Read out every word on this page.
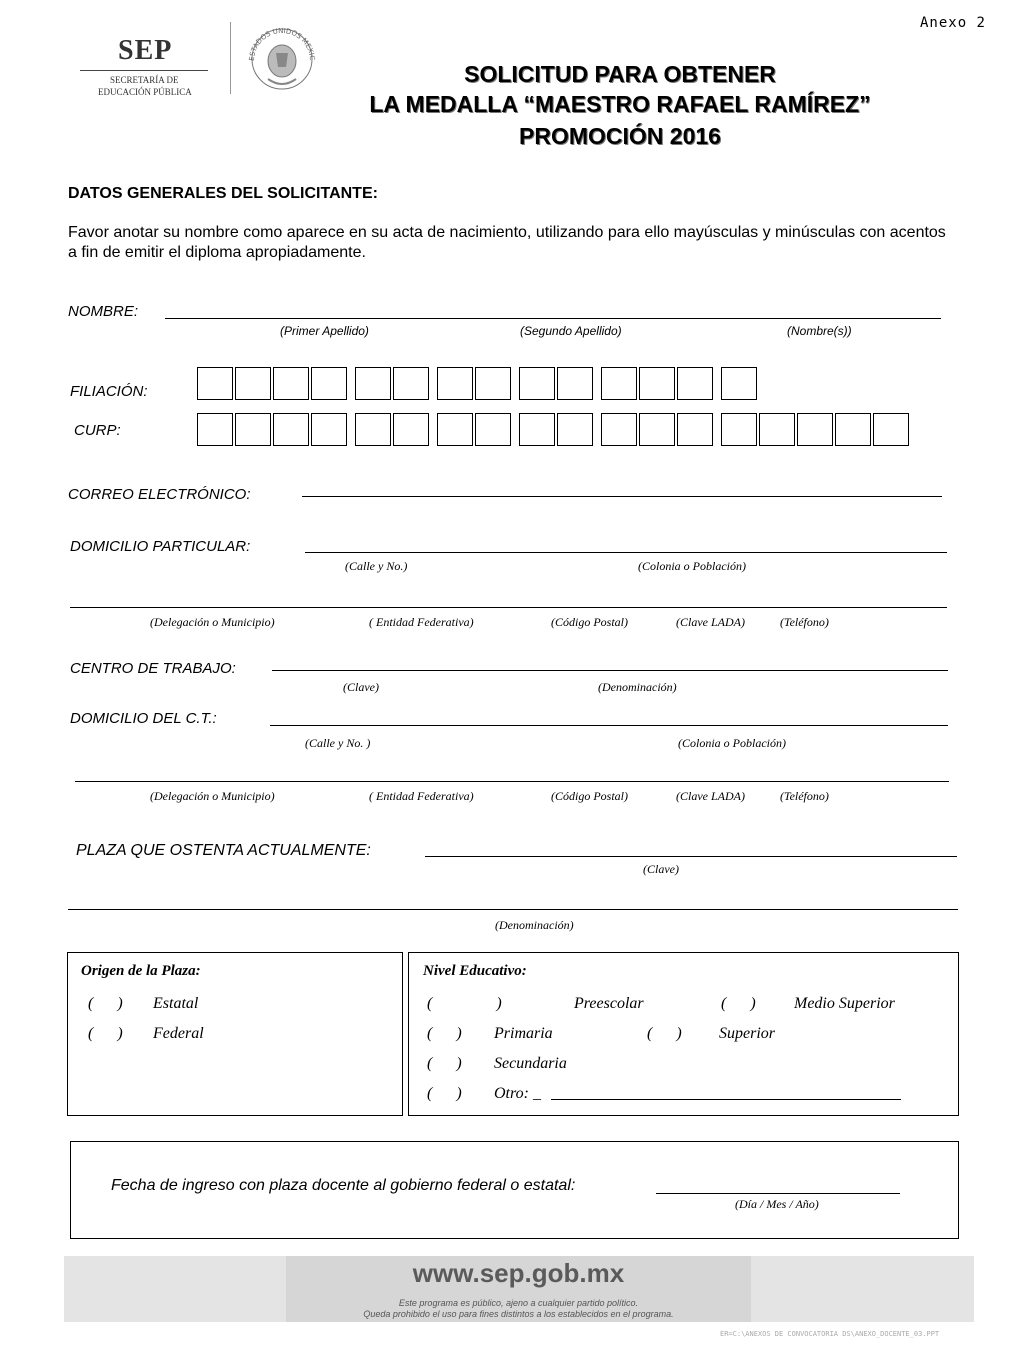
Anexo 2
SEP
SECRETARÍA DE
EDUCACIÓN PÚBLICA
ESTADOS UNIDOS MEXIC
SOLICITUD PARA OBTENER
LA MEDALLA “MAESTRO RAFAEL RAMÍREZ”
PROMOCIÓN 2016
DATOS GENERALES DEL SOLICITANTE:
Favor anotar su nombre como aparece en su acta de nacimiento, utilizando para ello mayúsculas y minúsculas con acentos a fin de emitir el diploma apropiadamente.
NOMBRE:
(Primer Apellido)	(Segundo Apellido)	(Nombre(s))
FILIACIÓN:
CURP:
CORREO ELECTRÓNICO:
DOMICILIO PARTICULAR:
(Calle y No.)	(Colonia o Población)
(Delegación o Municipio)	( Entidad Federativa)	(Código Postal)	(Clave LADA)	(Teléfono)
CENTRO DE TRABAJO:
(Clave)	(Denominación)
DOMICILIO DEL C.T.:
(Calle y No. )	(Colonia o Población)
(Delegación o Municipio)	( Entidad Federativa)	(Código Postal)	(Clave LADA)	(Teléfono)
PLAZA QUE OSTENTA ACTUALMENTE:
(Clave)
(Denominación)
Origen de la Plaza:
(      ) Estatal
(      ) Federal
Nivel Educativo:
(                )	Preescolar	(      ) Medio Superior
(      ) Primaria	(      ) Superior
(      ) Secundaria
(      ) Otro: _
Fecha de ingreso con plaza docente al gobierno federal o estatal:
(Día / Mes / Año)
www.sep.gob.mx
Este programa es público, ajeno a cualquier partido político.
Queda prohibido el uso para fines distintos a los establecidos en el programa.
ER=C:\ANEXOS DE CONVOCATORIA DS\ANEXO_DOCENTE_03.PPT
